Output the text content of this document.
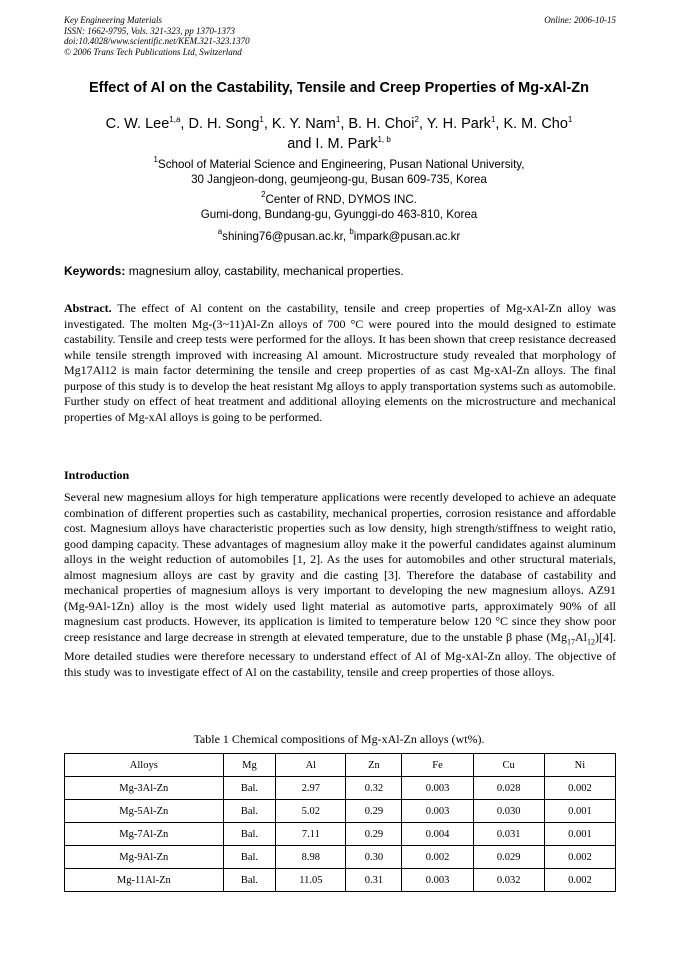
Key Engineering Materials
ISSN: 1662-9795, Vols. 321-323, pp 1370-1373
doi:10.4028/www.scientific.net/KEM.321-323.1370
© 2006 Trans Tech Publications Ltd, Switzerland
Online: 2006-10-15
Effect of Al on the Castability, Tensile and Creep Properties of Mg-xAl-Zn
C. W. Lee$^{1,a}$, D. H. Song$^1$, K. Y. Nam$^1$, B. H. Choi$^2$, Y. H. Park$^1$, K. M. Cho$^1$
and I. M. Park$^{1, b}$
$^1$School of Material Science and Engineering, Pusan National University,
30 Jangjeon-dong, geumjeong-gu, Busan 609-735, Korea
$^2$Center of RND, DYMOS INC.
Gumi-dong, Bundang-gu, Gyunggi-do 463-810, Korea
$^a$shining76@pusan.ac.kr, $^b$impark@pusan.ac.kr
Keywords: magnesium alloy, castability, mechanical properties.
Abstract. The effect of Al content on the castability, tensile and creep properties of Mg-xAl-Zn alloy was investigated. The molten Mg-(3~11)Al-Zn alloys of 700 °C were poured into the mould designed to estimate castability. Tensile and creep tests were performed for the alloys. It has been shown that creep resistance decreased while tensile strength improved with increasing Al amount. Microstructure study revealed that morphology of Mg17Al12 is main factor determining the tensile and creep properties of as cast Mg-xAl-Zn alloys. The final purpose of this study is to develop the heat resistant Mg alloys to apply transportation systems such as automobile. Further study on effect of heat treatment and additional alloying elements on the microstructure and mechanical properties of Mg-xAl alloys is going to be performed.
Introduction
Several new magnesium alloys for high temperature applications were recently developed to achieve an adequate combination of different properties such as castability, mechanical properties, corrosion resistance and affordable cost. Magnesium alloys have characteristic properties such as low density, high strength/stiffness to weight ratio, good damping capacity. These advantages of magnesium alloy make it the powerful candidates against aluminum alloys in the weight reduction of automobiles [1, 2]. As the uses for automobiles and other structural materials, almost magnesium alloys are cast by gravity and die casting [3]. Therefore the database of castability and mechanical properties of magnesium alloys is very important to developing the new magnesium alloys. AZ91 (Mg-9Al-1Zn) alloy is the most widely used light material as automotive parts, approximately 90% of all magnesium cast products. However, its application is limited to temperature below 120 °C since they show poor creep resistance and large decrease in strength at elevated temperature, due to the unstable β phase $(Mg_{17}Al_{12})[4]$. More detailed studies were therefore necessary to understand effect of Al of Mg-xAl-Zn alloy. The objective of this study was to investigate effect of Al on the castability, tensile and creep properties of those alloys.
Table 1 Chemical compositions of Mg-xAl-Zn alloys (wt%).
Alloys	Mg	Al	Zn	Fe	Cu	Ni
Mg-3Al-Zn	Bal.	2.97	0.32	0.003	0.028	0.002
Mg-5Al-Zn	Bal.	5.02	0.29	0.003	0.030	0.001
Mg-7Al-Zn	Bal.	7.11	0.29	0.004	0.031	0.001
Mg-9Al-Zn	Bal.	8.98	0.30	0.002	0.029	0.002
Mg-11Al-Zn	Bal.	11.05	0.31	0.003	0.032	0.002
